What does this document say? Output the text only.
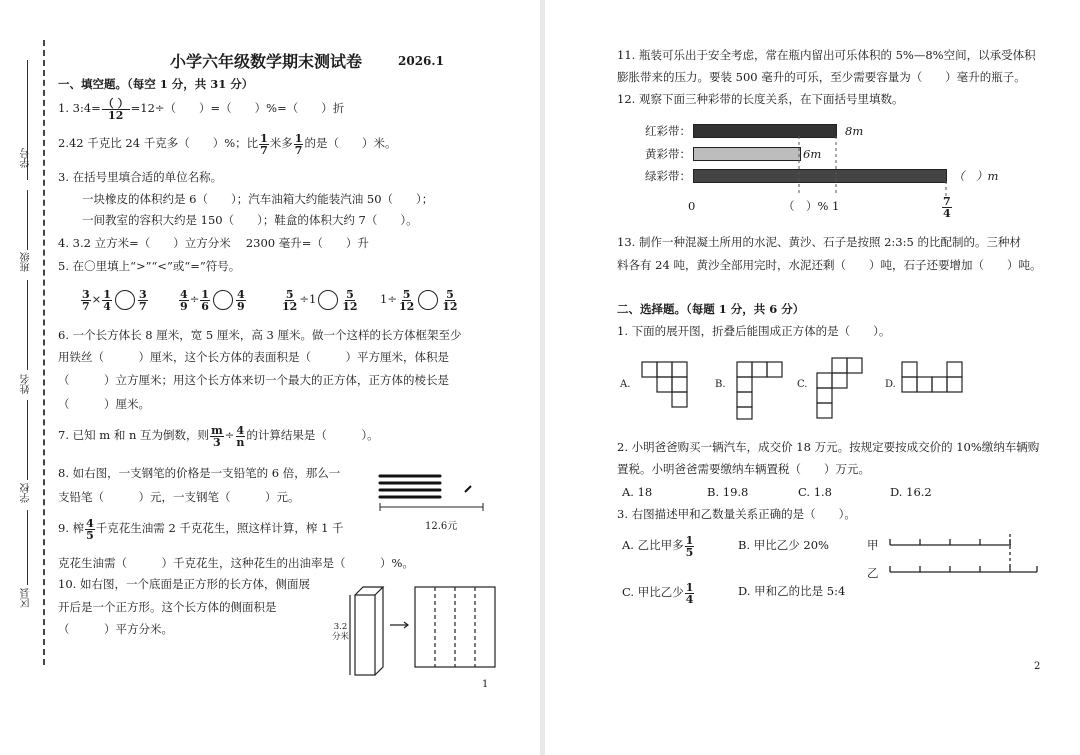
学号
班级
姓名
学校
区县
小学六年级数学期末测试卷	2026.1
一、填空题。（每空 1 分，共 31 分）
1. 3:4= $\frac{( )}{12} =12\div$（　　）=（　　）%=（　　）折
2.42 千克比 24 千克多（　　）%；比 $\frac{1}{7}$ 米多 $\frac{1}{7}$ 的是（　　）米。
3. 在括号里填合适的单位名称。
一块橡皮的体积约是 6（　　）；汽车油箱大约能装汽油 50（　　）；
一间教室的容积大约是 150（　　）；鞋盒的体积大约 7（　　）。
4. 3.2 立方米=（　　）立方分米　 2300 毫升=（　　）升
5. 在〇里填上“>”“<”或“=”符号。
$\frac{3}{7} \times \frac{1}{4} \frac{3}{7}$	$\frac{4}{9} \div \frac{1}{6} \frac{4}{9}$	$\frac{5}{12} \div 1 \frac{5}{12} 1\div \frac{5}{12} \frac{5}{12}$
6. 一个长方体长 8 厘米，宽 5 厘米，高 3 厘米。做一个这样的长方体框架至少
用铁丝（　　　）厘米，这个长方体的表面积是（　　　）平方厘米，体积是
（　　　）立方厘米；用这个长方体来切一个最大的正方体，正方体的棱长是
（　　　）厘米。
7. 已知 m 和 n 互为倒数，则 $\frac{m}{3} \div \frac{4}{n}$ 的计算结果是（　　　）。
8. 如右图，一支钢笔的价格是一支铅笔的 6 倍，那么一
支铅笔（　　　）元，一支钢笔（　　　）元。
12.6元
9. 榨 $\frac{4}{5}$ 千克花生油需 2 千克花生，照这样计算，榨 1 千
克花生油需（　　　）千克花生，这种花生的出油率是（　　　）%。
10. 如右图，一个底面是正方形的长方体，侧面展
开后是一个正方形。这个长方体的侧面积是
（　　　）平方分米。	3.2
分米
1
11. 瓶装可乐出于安全考虑，常在瓶内留出可乐体积的 5%—8%空间，以承受体积
膨胀带来的压力。要装 500 毫升的可乐，至少需要容量为（　　）毫升的瓶子。
12. 观察下面三种彩带的长度关系，在下面括号里填数。
红彩带：	8m
黄彩带：	6m
绿彩带：	（　）m
0	（　）% 1	$\frac{7}{4}$
13. 制作一种混凝土所用的水泥、黄沙、石子是按照 2:3:5 的比配制的。三种材
料各有 24 吨，黄沙全部用完时，水泥还剩（　　）吨，石子还要增加（　　）吨。
二、选择题。（每题 1 分，共 6 分）
1. 下面的展开图，折叠后能围成正方体的是（　　）。
A.	B.	C.	D.
2. 小明爸爸购买一辆汽车，成交价 18 万元。按规定要按成交价的 10%缴纳车辆购
置税。小明爸爸需要缴纳车辆置税（　　）万元。
A. 18	B. 19.8	C. 1.8	D. 16.2
3. 右图描述甲和乙数量关系正确的是（　　）。
A. 乙比甲多 $\frac{1}{5}$	B. 甲比乙少 20%
C. 甲比乙少 $\frac{1}{4}$	D. 甲和乙的比是 5:4
甲
乙
2
